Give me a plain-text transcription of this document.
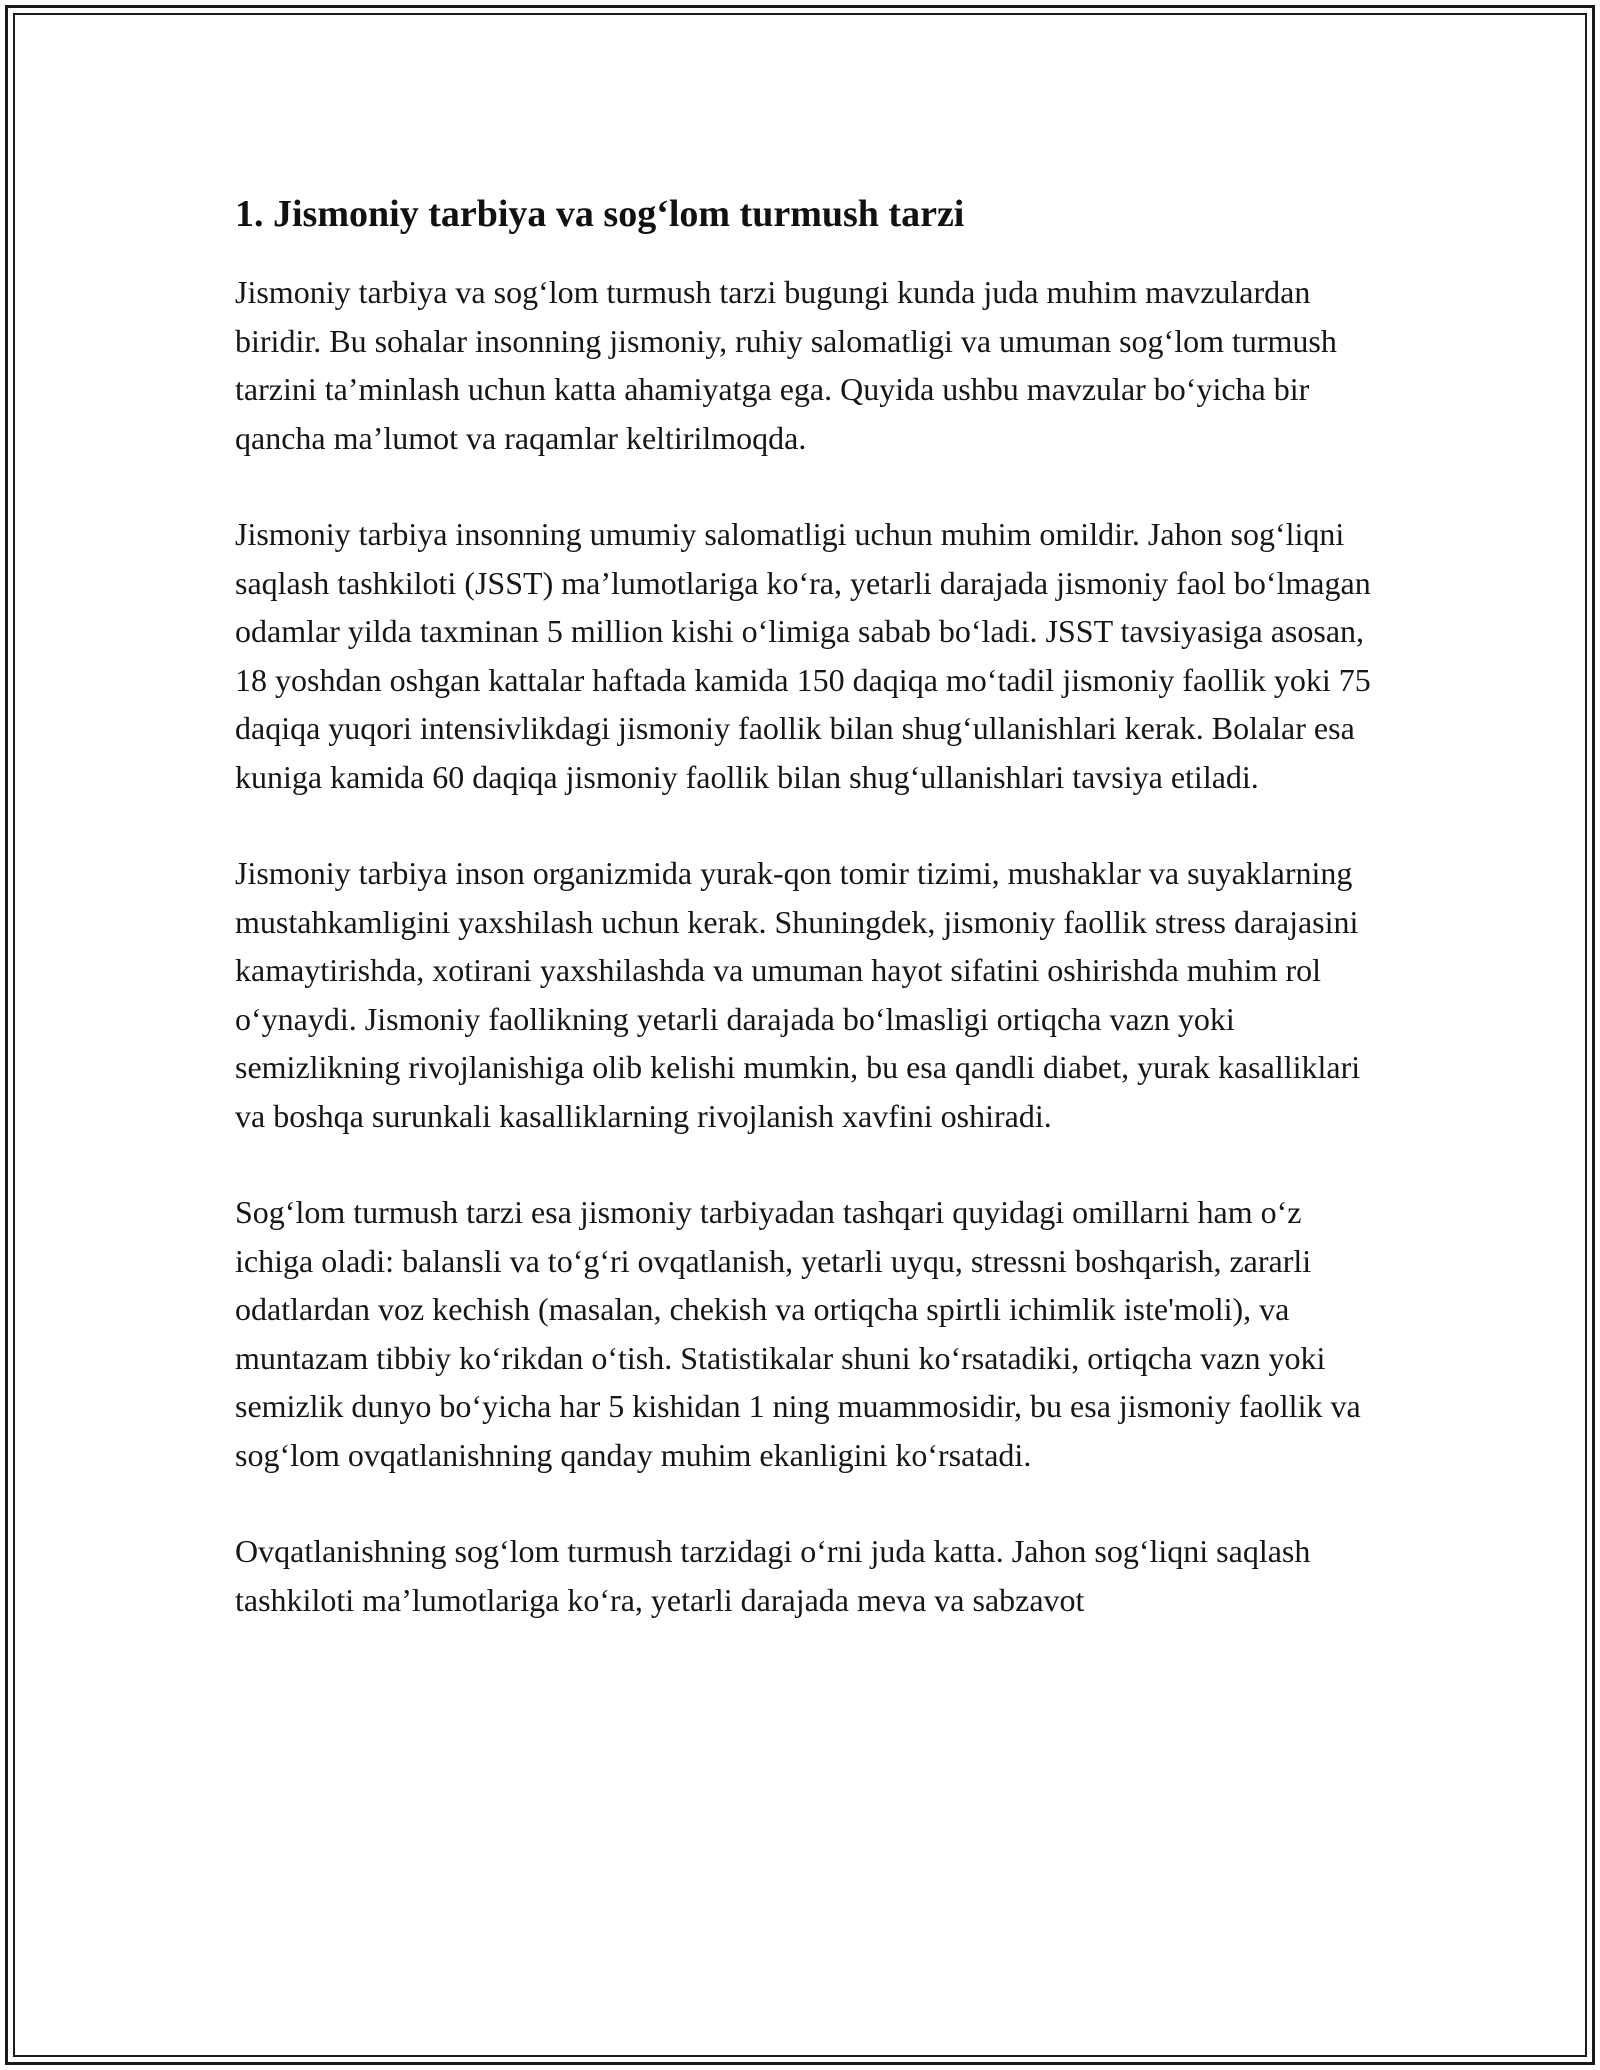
1. Jismoniy tarbiya va sog‘lom turmush tarzi

Jismoniy tarbiya va sog‘lom turmush tarzi bugungi kunda juda muhim mavzulardan biridir. Bu sohalar insonning jismoniy, ruhiy salomatligi va umuman sog‘lom turmush tarzini ta’minlash uchun katta ahamiyatga ega. Quyida ushbu mavzular bo‘yicha bir qancha ma’lumot va raqamlar keltirilmoqda.

Jismoniy tarbiya insonning umumiy salomatligi uchun muhim omildir. Jahon sog‘liqni saqlash tashkiloti (JSST) ma’lumotlariga ko‘ra, yetarli darajada jismoniy faol bo‘lmagan odamlar yilda taxminan 5 million kishi o‘limiga sabab bo‘ladi. JSST tavsiyasiga asosan, 18 yoshdan oshgan kattalar haftada kamida 150 daqiqa mo‘tadil jismoniy faollik yoki 75 daqiqa yuqori intensivlikdagi jismoniy faollik bilan shug‘ullanishlari kerak. Bolalar esa kuniga kamida 60 daqiqa jismoniy faollik bilan shug‘ullanishlari tavsiya etiladi.

Jismoniy tarbiya inson organizmida yurak-qon tomir tizimi, mushaklar va suyaklarning mustahkamligini yaxshilash uchun kerak. Shuningdek, jismoniy faollik stress darajasini kamaytirishda, xotirani yaxshilashda va umuman hayot sifatini oshirishda muhim rol o‘ynaydi. Jismoniy faollikning yetarli darajada bo‘lmasligi ortiqcha vazn yoki semizlikning rivojlanishiga olib kelishi mumkin, bu esa qandli diabet, yurak kasalliklari va boshqa surunkali kasalliklarning rivojlanish xavfini oshiradi.

Sog‘lom turmush tarzi esa jismoniy tarbiyadan tashqari quyidagi omillarni ham o‘z ichiga oladi: balansli va to‘g‘ri ovqatlanish, yetarli uyqu, stressni boshqarish, zararli odatlardan voz kechish (masalan, chekish va ortiqcha spirtli ichimlik iste'moli), va muntazam tibbiy ko‘rikdan o‘tish. Statistikalar shuni ko‘rsatadiki, ortiqcha vazn yoki semizlik dunyo bo‘yicha har 5 kishidan 1 ning muammosidir, bu esa jismoniy faollik va sog‘lom ovqatlanishning qanday muhim ekanligini ko‘rsatadi.

Ovqatlanishning sog‘lom turmush tarzidagi o‘rni juda katta. Jahon sog‘liqni saqlash tashkiloti ma’lumotlariga ko‘ra, yetarli darajada meva va sabzavot
